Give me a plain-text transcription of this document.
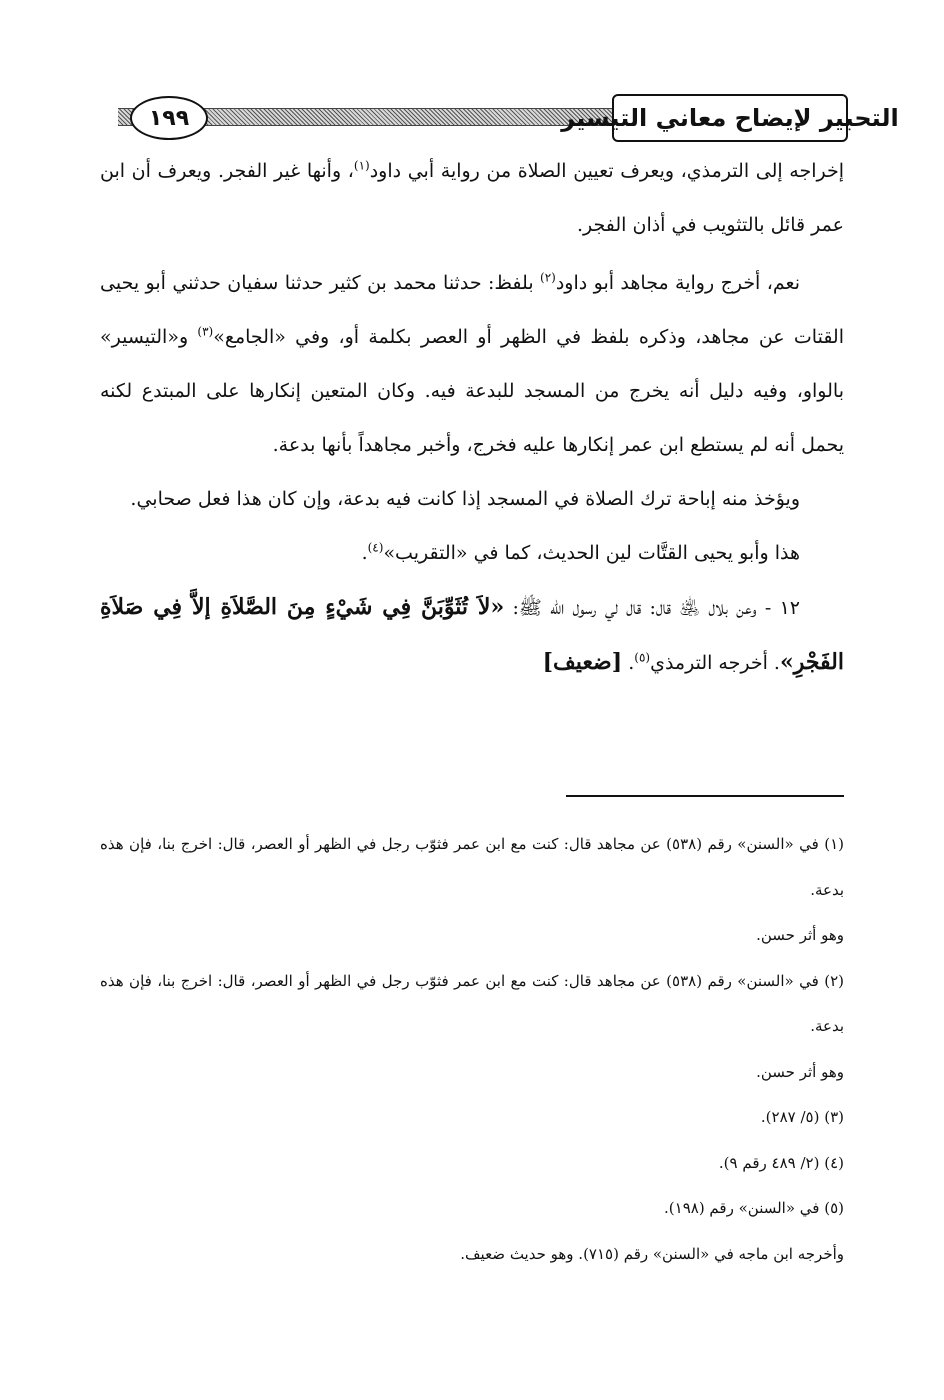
التحبير لإيضاح معاني التيسير
١٩٩

إخراجه إلى الترمذي، ويعرف تعيين الصلاة من رواية أبي داود$^{(١)}$، وأنها غير الفجر. ويعرف أن ابن عمر قائل بالتثويب في أذان الفجر.

نعم، أخرج رواية مجاهد أبو داود$^{(٢)}$ بلفظ: حدثنا محمد بن كثير حدثنا سفيان حدثني أبو يحيى القتات عن مجاهد، وذكره بلفظ في الظهر أو العصر بكلمة أو، وفي «الجامع»$^{(٣)}$ و«التيسير» بالواو، وفيه دليل أنه يخرج من المسجد للبدعة فيه. وكان المتعين إنكارها على المبتدع لكنه يحمل أنه لم يستطع ابن عمر إنكارها عليه فخرج، وأخبر مجاهداً بأنها بدعة.

ويؤخذ منه إباحة ترك الصلاة في المسجد إذا كانت فيه بدعة، وإن كان هذا فعل صحابي.

هذا وأبو يحيى القتَّات لين الحديث، كما في «التقريب»$^{(٤)}$.

١٢ - وعن بلال ﵁ قال: قال لي رسول الله ﷺ: «لاَ تُثَوِّبَنَّ فِي شَيْءٍ مِنَ الصَّلاَةِ إلاَّ فِي صَلاَةِ الفَجْرِ». أخرجه الترمذي$^{(٥)}$. [ضعيف]

(١) في «السنن» رقم (٥٣٨) عن مجاهد قال: كنت مع ابن عمر فثوّب رجل في الظهر أو العصر، قال: اخرج بنا، فإن هذه بدعة.

وهو أثر حسن.

(٢) في «السنن» رقم (٥٣٨) عن مجاهد قال: كنت مع ابن عمر فثوّب رجل في الظهر أو العصر، قال: اخرج بنا، فإن هذه بدعة.

وهو أثر حسن.

(٣) (٥/ ٢٨٧).

(٤) (٢/ ٤٨٩ رقم ٩).

(٥) في «السنن» رقم (١٩٨).

وأخرجه ابن ماجه في «السنن» رقم (٧١٥). وهو حديث ضعيف.
